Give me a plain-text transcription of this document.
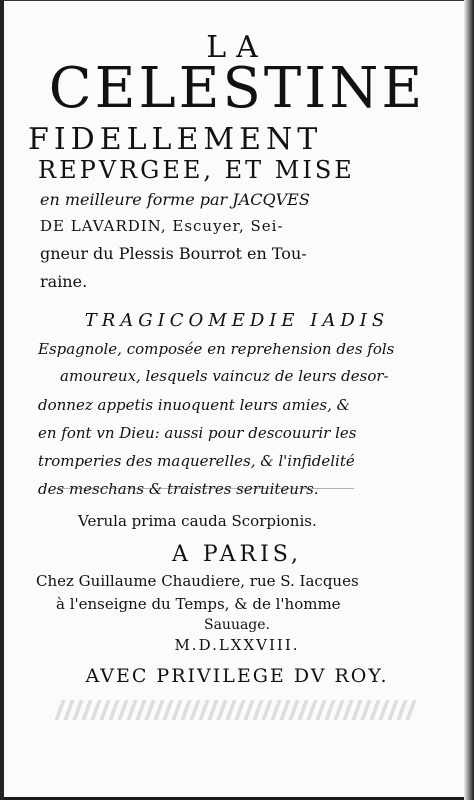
LA
CELESTINE
FIDELLEMENT
REPVRGEE, ET MISE
en meilleure forme par JACQVES
DE LAVARDIN, Escuyer, Sei-
gneur du Plessis Bourrot en Tou-
raine.
TRAGICOMEDIE IADIS
Espagnole, composée en reprehension des fols
amoureux, lesquels vaincuz de leurs desor-
donnez appetis inuoquent leurs amies, &
en font vn Dieu: aussi pour descouurir les
tromperies des maquerelles, & l'infidelité
des meschans & traistres seruiteurs.
Verula prima cauda Scorpionis.
A PARIS,
Chez Guillaume Chaudiere, rue S. Iacques
à l'enseigne du Temps, & de l'homme
Sauuage.
M.D.LXXVIII.
AVEC PRIVILEGE DV ROY.
